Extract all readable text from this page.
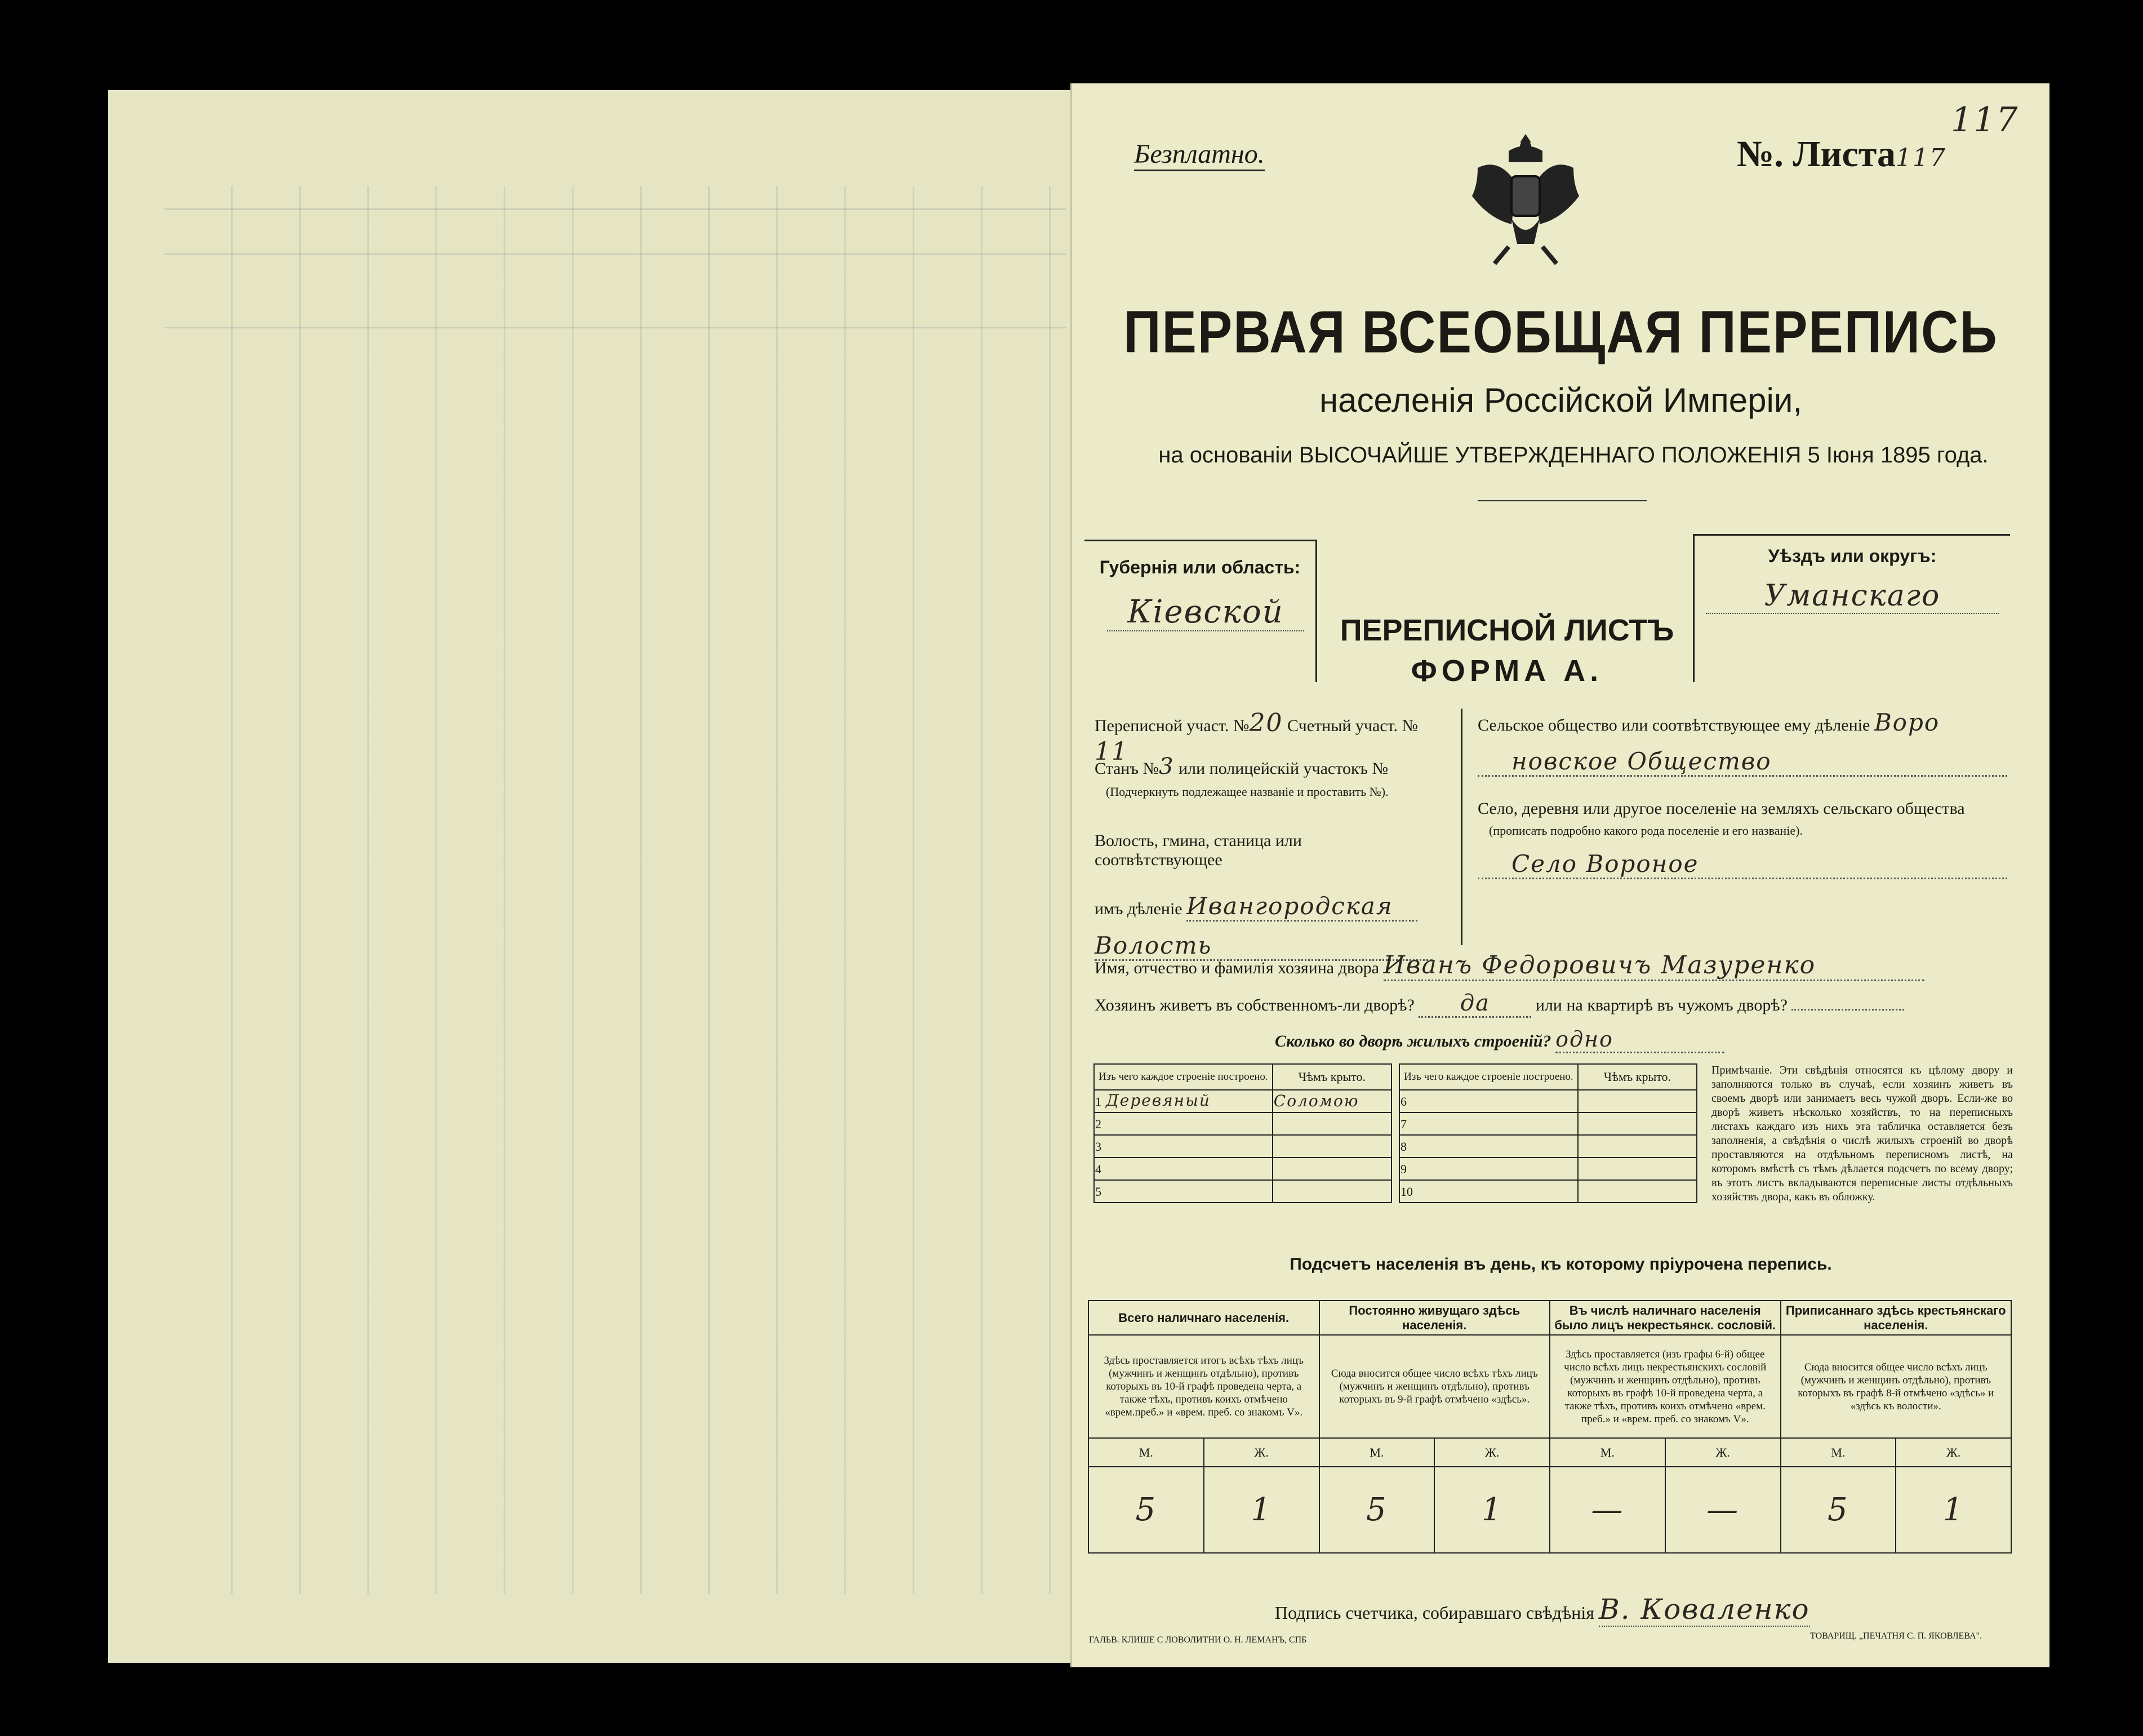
117
Безплатно.	№. Листа117
ПЕРВАЯ ВСЕОБЩАЯ ПЕРЕПИСЬ
населенія Россійской Имперіи,
на основаніи ВЫСОЧАЙШЕ УТВЕРЖДЕННАГО ПОЛОЖЕНІЯ 5 Іюня 1895 года.
Губернія или область:
Кіевской	ПЕРЕПИСНОЙ ЛИСТЪ
ФОРМА А.
Уѣздъ или округъ:
Уманскаго
Переписной участ. №20 Счетный участ. № 11
Станъ №3 или полицейскій участокъ №
(Подчеркнуть подлежащее названіе и проставить №).
Волость, гмина, станица или соотвѣтствующее
имъ дѣленіе Ивангородская
Волость
Сельское общество или соотвѣтствующее ему дѣленіе Воро
новское Общество
Село, деревня или другое поселеніе на земляхъ сельскаго общества
(прописать подробно какого рода поселеніе и его названіе).
Село Вороное
Имя, отчество и фамилія хозяина двора Иванъ Федоровичъ Мазуренко
Хозяинъ живетъ въ собственномъ-ли дворѣ? да	или на квартирѣ въ чужомъ дворѣ?
Сколько во дворѣ жилыхъ строеній? одно
Изъ чего каждое строеніе построено.	Чѣмъ крыто.
1 Деревяный	Соломою
2	
3	
4	
5	
Изъ чего каждое строеніе построено.	Чѣмъ крыто.
6	
7	
8	
9	
10	
Примѣчаніе. Эти свѣдѣнія относятся къ цѣлому двору и заполняются только въ случаѣ, если хозяинъ живетъ въ своемъ дворѣ или занимаетъ весь чужой дворъ. Если-же во дворѣ живетъ нѣсколько хозяйствъ, то на переписныхъ листахъ каждаго изъ нихъ эта табличка оставляется безъ заполненія, а свѣдѣнія о числѣ жилыхъ строеній во дворѣ проставляются на отдѣльномъ переписномъ листѣ, на которомъ вмѣстѣ съ тѣмъ дѣлается подсчетъ по всему двору; въ этотъ листъ вкладываются переписные листы отдѣльныхъ хозяйствъ двора, какъ въ обложку.
Подсчетъ населенія въ день, къ которому пріурочена перепись.
Всего наличнаго населенія.		Постоянно живущаго здѣсь населенія.		Въ числѣ наличнаго населенія было лицъ некрестьянск. сословій.		Приписаннаго здѣсь крестьянскаго населенія.	
Здѣсь проставляется итогъ всѣхъ тѣхъ лицъ (мужчинъ и женщинъ отдѣльно), противъ которыхъ въ 10-й графѣ проведена черта, а также тѣхъ, противъ коихъ отмѣчено «врем.преб.» и «врем. преб. со знакомъ V».		Сюда вносится общее число всѣхъ тѣхъ лицъ (мужчинъ и женщинъ отдѣльно), противъ которыхъ въ 9-й графѣ отмѣчено «здѣсь».		Здѣсь проставляется (изъ графы 6-й) общее число всѣхъ лицъ некрестьянскихъ сословій (мужчинъ и женщинъ отдѣльно), противъ которыхъ въ графѣ 10-й проведена черта, а также тѣхъ, противъ коихъ отмѣчено «врем. преб.» и «врем. преб. со знакомъ V».		Сюда вносится общее число всѣхъ лицъ (мужчинъ и женщинъ отдѣльно), противъ которыхъ въ графѣ 8-й отмѣчено «здѣсь» и «здѣсь къ волости».	
М.	Ж.	М.	Ж.	М.	Ж.	М.	Ж.
5	1	5	1	—	—	5	1
Подпись счетчика, собиравшаго свѣдѣнія В. Коваленко
ГАЛЬВ. КЛИШЕ С ЛОВОЛИТНИ О. Н. ЛЕМАНЪ, СПБ	ТОВАРИЩ. „ПЕЧАТНЯ С. П. ЯКОВЛЕВА".
